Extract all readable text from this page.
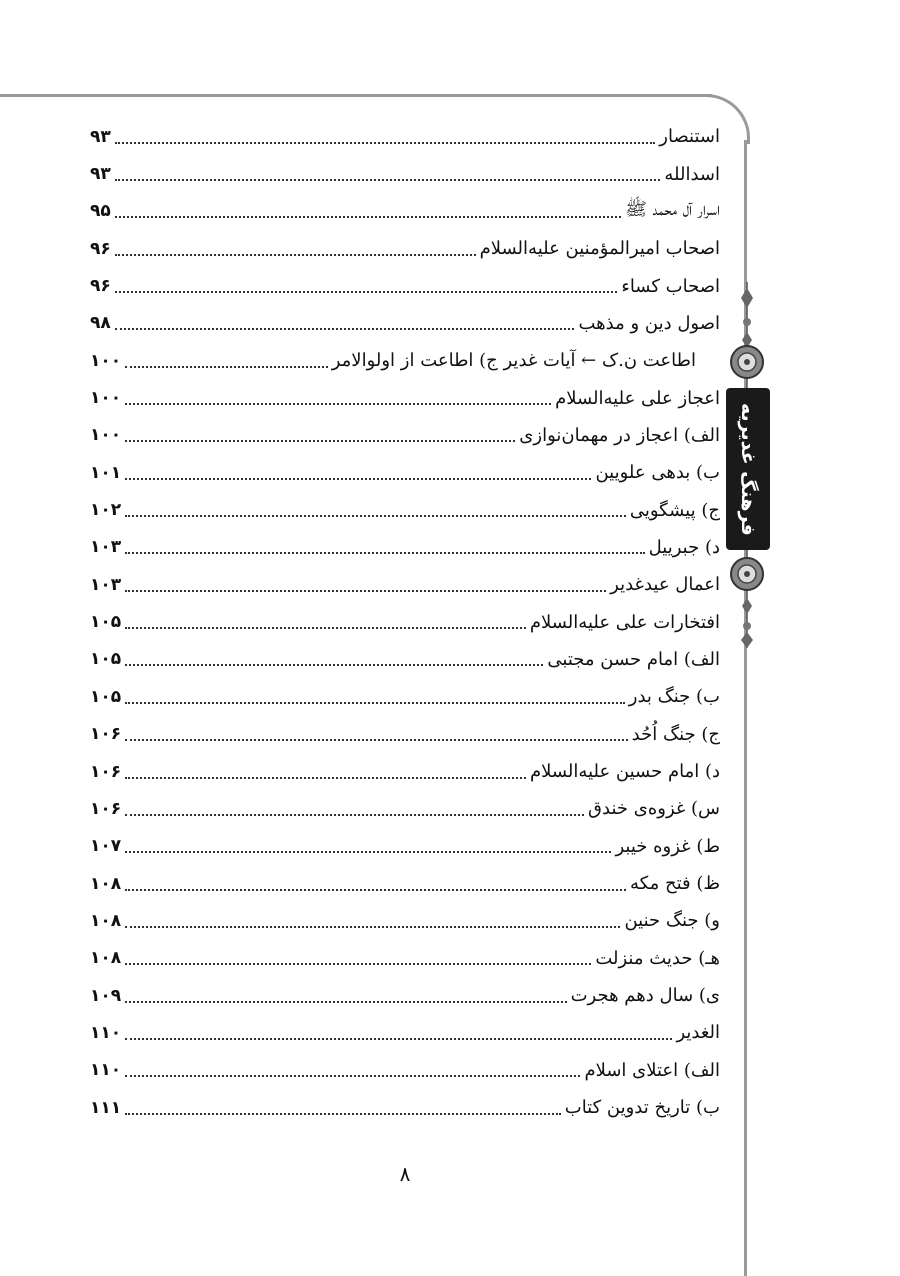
فرهنگ غدیریه
۹۳	استنصار
۹۳	اسدالله
۹۵	اسرار آل محمد ﷺ
۹۶	اصحاب امیرالمؤمنین علیه‌السلام
۹۶	اصحاب کساء
۹۸	اصول دین و مذهب
۱۰۰	اطاعت ن.ک ← آیات غدیر ج) اطاعت از اولوالامر
۱۰۰	اعجاز علی علیه‌السلام
۱۰۰	الف) اعجاز در مهمان‌نوازی
۱۰۱	ب) بدهی علویین
۱۰۲	ج) پیشگویی
۱۰۳	د) جبرییل
۱۰۳	اعمال عیدغدیر
۱۰۵	افتخارات علی علیه‌السلام
۱۰۵	الف) امام حسن مجتبی
۱۰۵	ب) جنگ بدر
۱۰۶	ج) جنگ اُحُد
۱۰۶	د) امام حسین علیه‌السلام
۱۰۶	س) غزوه‌ی خندق
۱۰۷	ط) غزوه خیبر
۱۰۸	ظ) فتح مکه
۱۰۸	و) جنگ حنین
۱۰۸	هـ) حدیث منزلت
۱۰۹	ی) سال دهم هجرت
۱۱۰	الغدیر
۱۱۰	الف) اعتلای اسلام
۱۱۱	ب) تاریخ تدوین کتاب
۸
